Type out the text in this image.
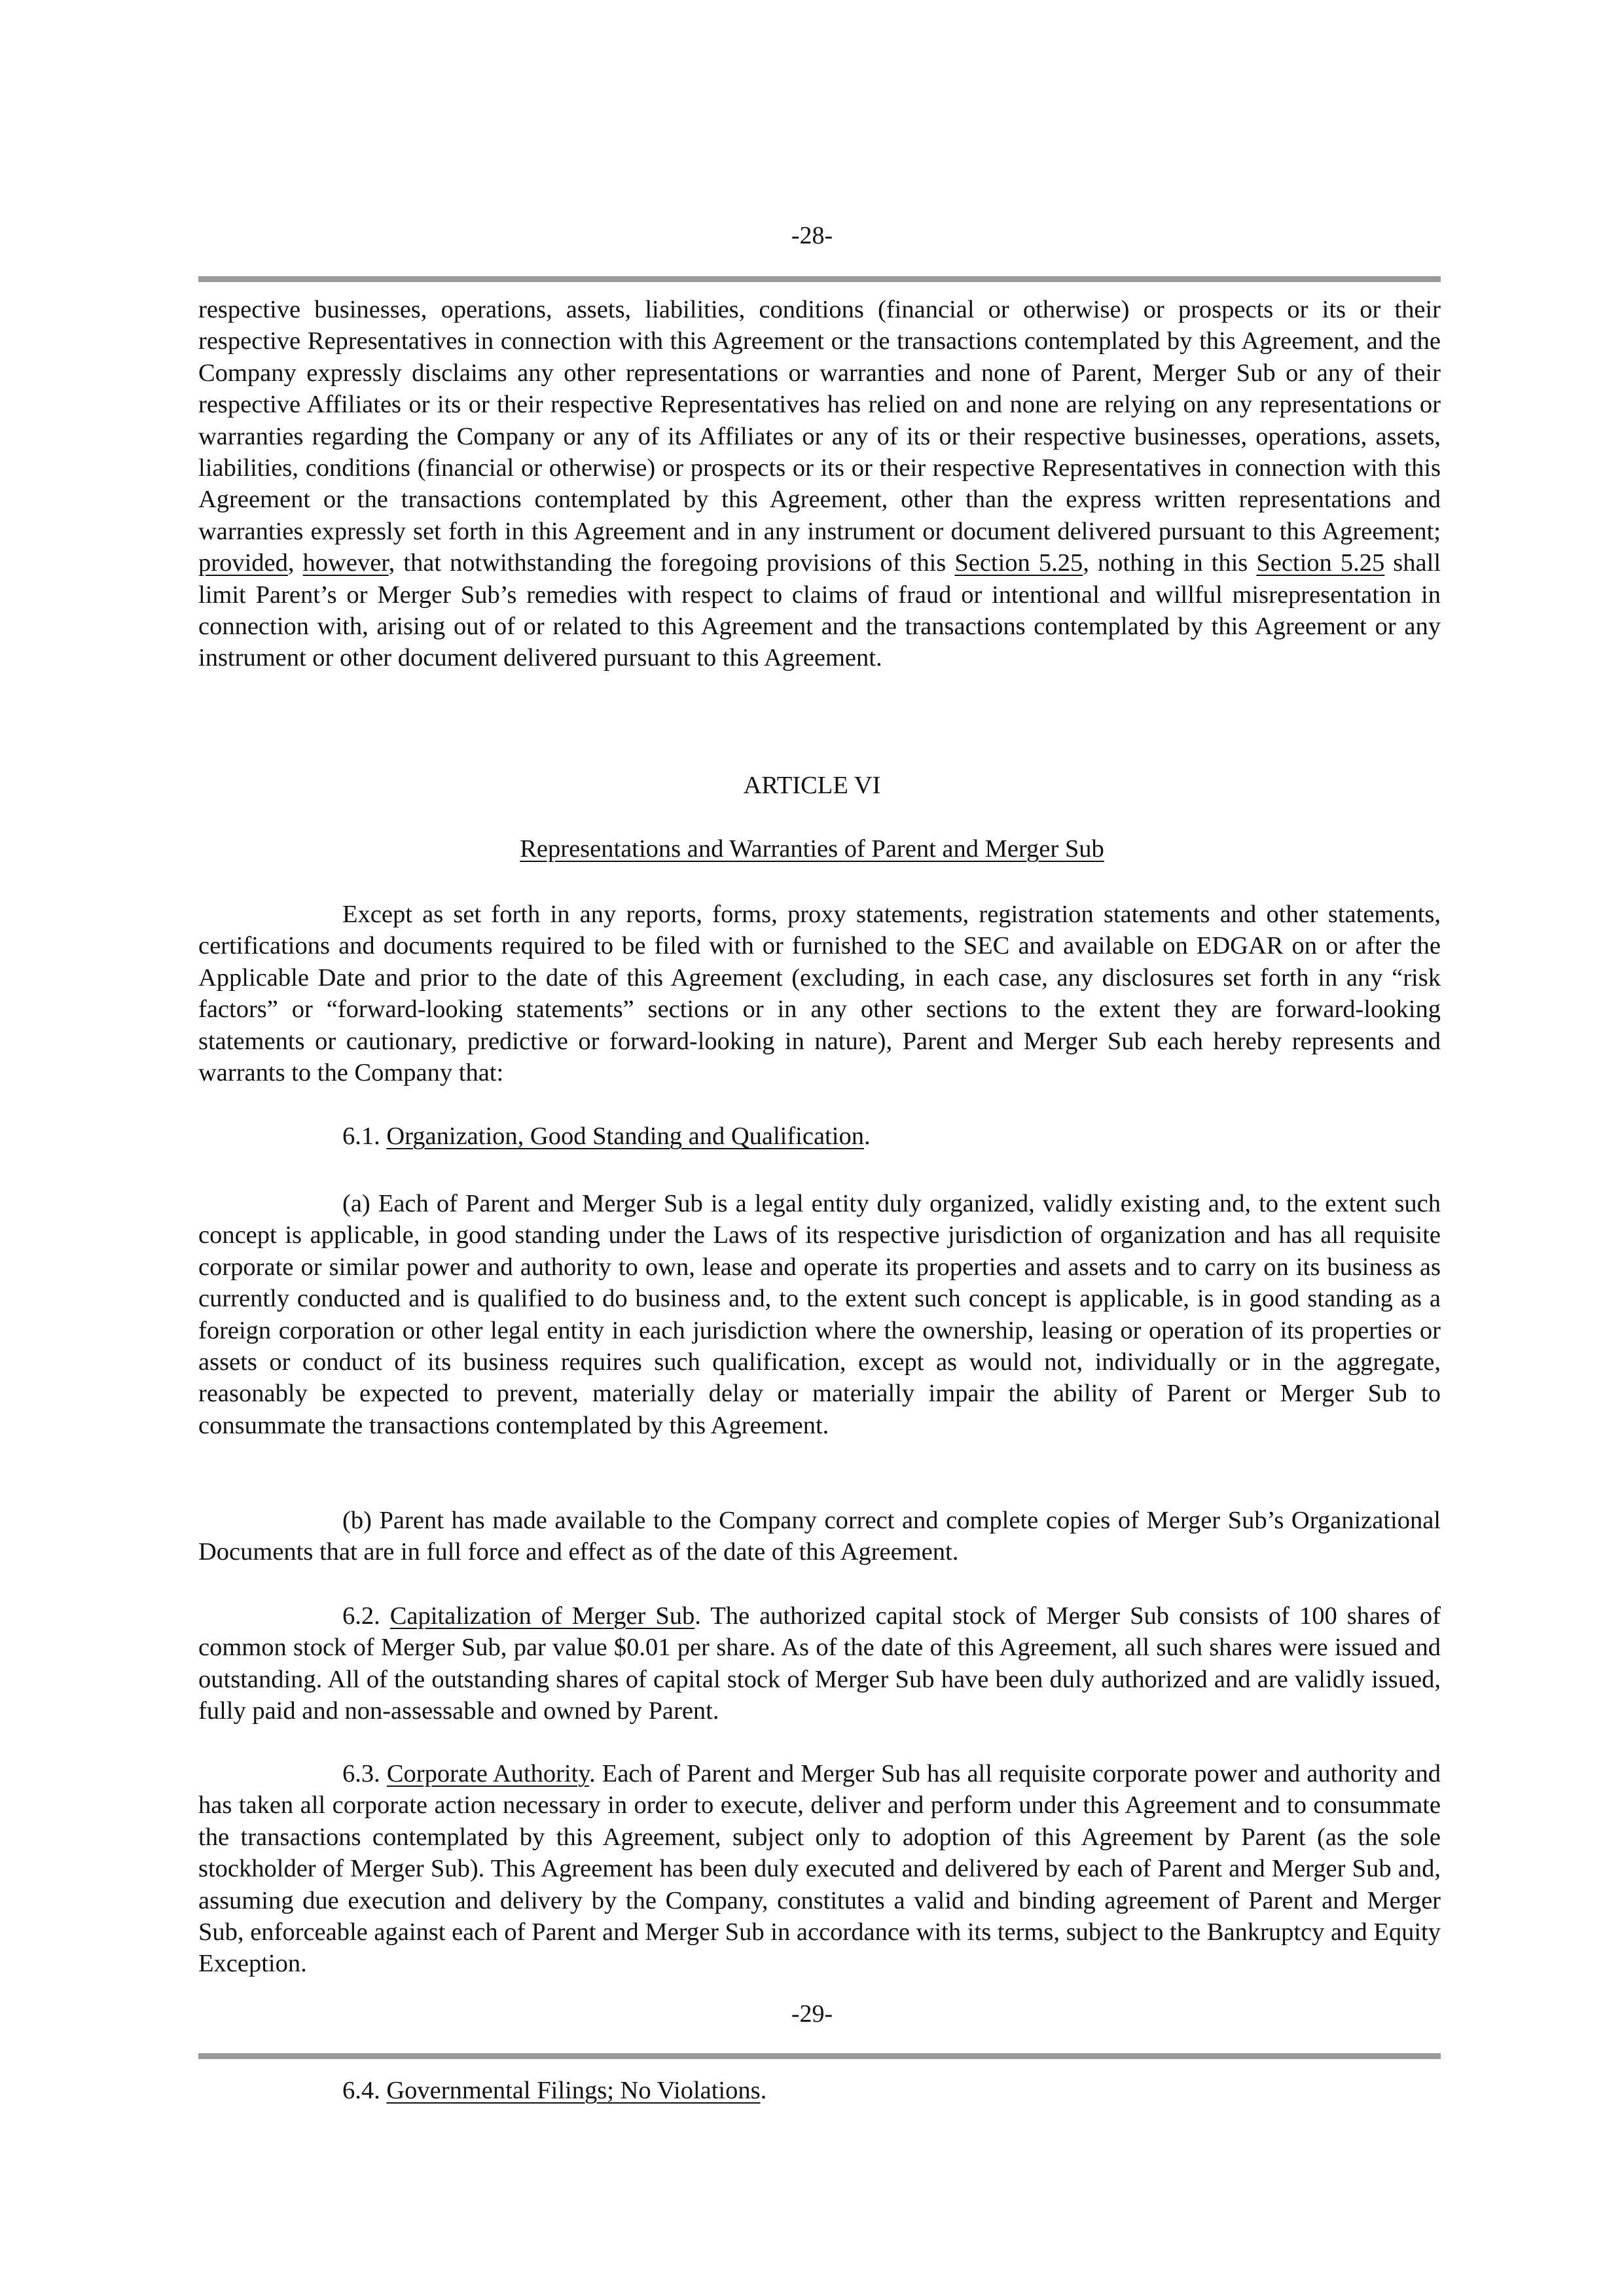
-28-

respective businesses, operations, assets, liabilities, conditions (financial or otherwise) or prospects or its or their respective Representatives in connection with this Agreement or the transactions contemplated by this Agreement, and the Company expressly disclaims any other representations or warranties and none of Parent, Merger Sub or any of their respective Affiliates or its or their respective Representatives has relied on and none are relying on any representations or warranties regarding the Company or any of its Affiliates or any of its or their respective businesses, operations, assets, liabilities, conditions (financial or otherwise) or prospects or its or their respective Representatives in connection with this Agreement or the transactions contemplated by this Agreement, other than the express written representations and warranties expressly set forth in this Agreement and in any instrument or document delivered pursuant to this Agreement; provided, however, that notwithstanding the foregoing provisions of this Section 5.25, nothing in this Section 5.25 shall limit Parent’s or Merger Sub’s remedies with respect to claims of fraud or intentional and willful misrepresentation in connection with, arising out of or related to this Agreement and the transactions contemplated by this Agreement or any instrument or other document delivered pursuant to this Agreement.

ARTICLE VI

Representations and Warranties of Parent and Merger Sub

Except as set forth in any reports, forms, proxy statements, registration statements and other statements, certifications and documents required to be filed with or furnished to the SEC and available on EDGAR on or after the Applicable Date and prior to the date of this Agreement (excluding, in each case, any disclosures set forth in any “risk factors” or “forward-looking statements” sections or in any other sections to the extent they are forward-looking statements or cautionary, predictive or forward-looking in nature), Parent and Merger Sub each hereby represents and warrants to the Company that:

6.1. Organization, Good Standing and Qualification.

(a) Each of Parent and Merger Sub is a legal entity duly organized, validly existing and, to the extent such concept is applicable, in good standing under the Laws of its respective jurisdiction of organization and has all requisite corporate or similar power and authority to own, lease and operate its properties and assets and to carry on its business as currently conducted and is qualified to do business and, to the extent such concept is applicable, is in good standing as a foreign corporation or other legal entity in each jurisdiction where the ownership, leasing or operation of its properties or assets or conduct of its business requires such qualification, except as would not, individually or in the aggregate, reasonably be expected to prevent, materially delay or materially impair the ability of Parent or Merger Sub to consummate the transactions contemplated by this Agreement.

(b) Parent has made available to the Company correct and complete copies of Merger Sub’s Organizational Documents that are in full force and effect as of the date of this Agreement.

6.2. Capitalization of Merger Sub. The authorized capital stock of Merger Sub consists of 100 shares of common stock of Merger Sub, par value $0.01 per share. As of the date of this Agreement, all such shares were issued and outstanding. All of the outstanding shares of capital stock of Merger Sub have been duly authorized and are validly issued, fully paid and non-assessable and owned by Parent.

6.3. Corporate Authority. Each of Parent and Merger Sub has all requisite corporate power and authority and has taken all corporate action necessary in order to execute, deliver and perform under this Agreement and to consummate the transactions contemplated by this Agreement, subject only to adoption of this Agreement by Parent (as the sole stockholder of Merger Sub). This Agreement has been duly executed and delivered by each of Parent and Merger Sub and, assuming due execution and delivery by the Company, constitutes a valid and binding agreement of Parent and Merger Sub, enforceable against each of Parent and Merger Sub in accordance with its terms, subject to the Bankruptcy and Equity Exception.

-29-

6.4. Governmental Filings; No Violations.
